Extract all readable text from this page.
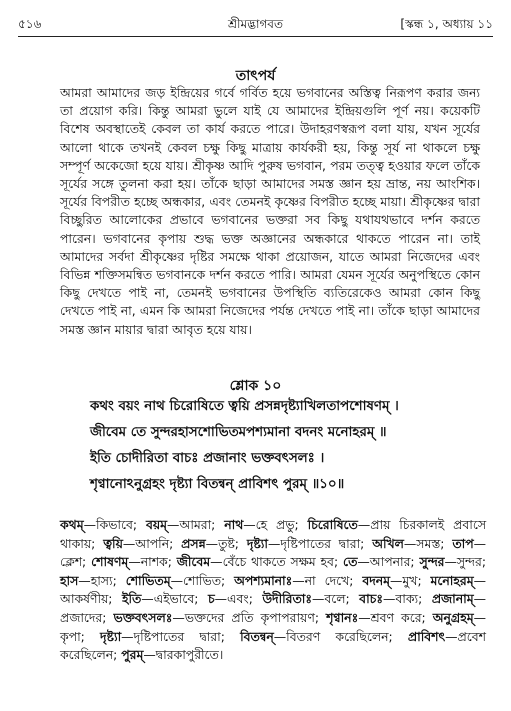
৫১৬	শ্রীমদ্ভাগবত	[স্কন্ধ ১, অধ্যায় ১১
তাৎপর্য
আমরা আমাদের জড় ইন্দ্রিয়ের গর্বে গর্বিত হয়ে ভগবানের অস্তিত্ব নিরূপণ করার জন্য তা প্রয়োগ করি। কিন্তু আমরা ভুলে যাই যে আমাদের ইন্দ্রিয়গুলি পূর্ণ নয়। কয়েকটি বিশেষ অবস্থাতেই কেবল তা কার্য করতে পারে। উদাহরণস্বরূপ বলা যায়, যখন সূর্যের আলো থাকে তখনই কেবল চক্ষু কিছু মাত্রায় কার্যকরী হয়, কিন্তু সূর্য না থাকলে চক্ষু সম্পূর্ণ অকেজো হয়ে যায়। শ্রীকৃষ্ণ আদি পুরুষ ভগবান, পরম তত্ত্ব হওয়ার ফলে তাঁকে সূর্যের সঙ্গে তুলনা করা হয়। তাঁকে ছাড়া আমাদের সমস্ত জ্ঞান হয় ভ্রান্ত, নয় আংশিক। সূর্যের বিপরীত হচ্ছে অন্ধকার, এবং তেমনই কৃষ্ণের বিপরীত হচ্ছে মায়া। শ্রীকৃষ্ণের দ্বারা বিচ্ছুরিত আলোকের প্রভাবে ভগবানের ভক্তরা সব কিছু যথাযথভাবে দর্শন করতে পারেন। ভগবানের কৃপায় শুদ্ধ ভক্ত অজ্ঞানের অন্ধকারে থাকতে পারেন না। তাই আমাদের সর্বদা শ্রীকৃষ্ণের দৃষ্টির সমক্ষে থাকা প্রয়োজন, যাতে আমরা নিজেদের এবং বিভিন্ন শক্তিসমন্বিত ভগবানকে দর্শন করতে পারি। আমরা যেমন সূর্যের অনুপস্থিতে কোন কিছু দেখতে পাই না, তেমনই ভগবানের উপস্থিতি ব্যতিরেকেও আমরা কোন কিছু দেখতে পাই না, এমন কি আমরা নিজেদের পর্যন্ত দেখতে পাই না। তাঁকে ছাড়া আমাদের সমস্ত জ্ঞান মায়ার দ্বারা আবৃত হয়ে যায়।
শ্লোক ১০
কথং বয়ং নাথ চিরোষিতে ত্বয়ি প্রসন্নদৃষ্ট্যাখিলতাপশোষণম্ ।
জীবেম তে সুন্দরহাসশোভিতমপশ্যমানা বদনং মনোহরম্ ॥
ইতি চোদীরিতা বাচঃ প্রজানাং ভক্তবৎসলঃ ।
শৃণ্বানোঽনুগ্রহং দৃষ্ট্যা বিতন্বন্ প্রাবিশৎ পুরম্ ॥১০॥
কথম্—কিভাবে; বয়ম্—আমরা; নাথ—হে প্রভু; চিরোষিতে—প্রায় চিরকালই প্রবাসে থাকায়; ত্বয়ি—আপনি; প্রসন্ন—তুষ্ট; দৃষ্ট্যা—দৃষ্টিপাতের দ্বারা; অখিল—সমস্ত; তাপ—ক্লেশ; শোষণম্—নাশক; জীবেম—বেঁচে থাকতে সক্ষম হব; তে—আপনার; সুন্দর—সুন্দর; হাস—হাস্য; শোভিতম্—শোভিত; অপশ্যমানাঃ—না দেখে; বদনম্—মুখ; মনোহরম্—আকর্ষণীয়; ইতি—এইভাবে; চ—এবং; উদীরিতাঃ—বলে; বাচঃ—বাক্য; প্রজানাম্—প্রজাদের; ভক্তবৎসলঃ—ভক্তদের প্রতি কৃপাপরায়ণ; শৃণ্বানঃ—শ্রবণ করে; অনুগ্রহম্—কৃপা; দৃষ্ট্যা—দৃষ্টিপাতের দ্বারা; বিতন্বন্—বিতরণ করেছিলেন; প্রাবিশৎ—প্রবেশ করেছিলেন; পুরম্—দ্বারকাপুরীতে।
